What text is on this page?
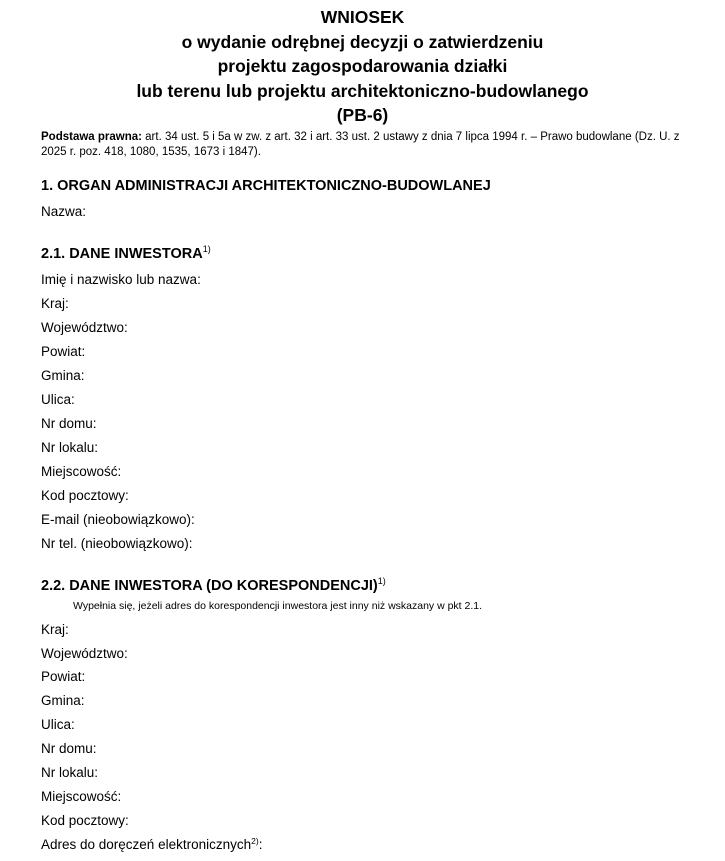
WNIOSEK
o wydanie odrębnej decyzji o zatwierdzeniu
projektu zagospodarowania działki
lub terenu lub projektu architektoniczno-budowlanego
(PB-6)
Podstawa prawna: art. 34 ust. 5 i 5a w zw. z art. 32 i art. 33 ust. 2 ustawy z dnia 7 lipca 1994 r. – Prawo budowlane (Dz. U. z 2025 r. poz. 418, 1080, 1535, 1673 i 1847).
1. ORGAN ADMINISTRACJI ARCHITEKTONICZNO-BUDOWLANEJ
Nazwa:
2.1. DANE INWESTORA$^{1)}$
Imię i nazwisko lub nazwa:
Kraj:
Województwo:
Powiat:
Gmina:
Ulica:
Nr domu:
Nr lokalu:
Miejscowość:
Kod pocztowy:
E-mail (nieobowiązkowo):
Nr tel. (nieobowiązkowo):
2.2. DANE INWESTORA (DO KORESPONDENCJI)$^{1)}$
Wypełnia się, jeżeli adres do korespondencji inwestora jest inny niż wskazany w pkt 2.1.
Kraj:
Województwo:
Powiat:
Gmina:
Ulica:
Nr domu:
Nr lokalu:
Miejscowość:
Kod pocztowy:
Adres do doręczeń elektronicznych$^{2)}$:
